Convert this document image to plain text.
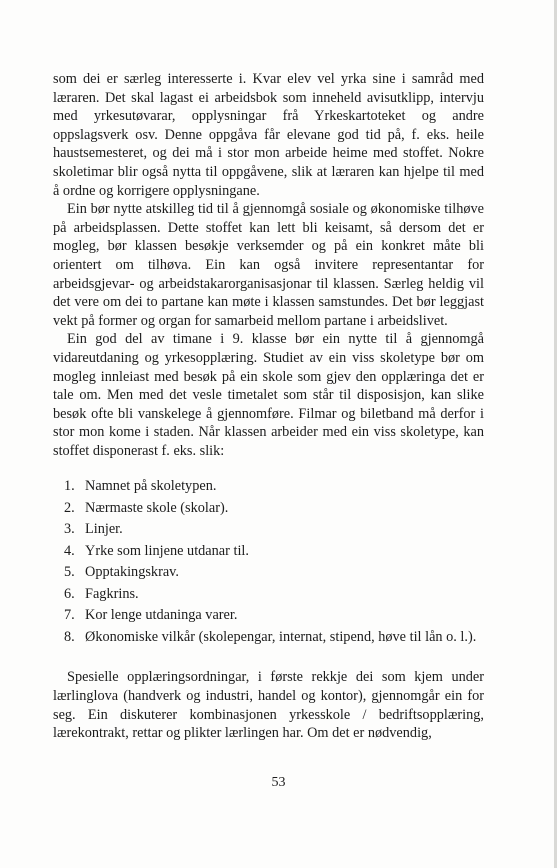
som dei er særleg interesserte i. Kvar elev vel yrka sine i samråd med læraren. Det skal lagast ei arbeidsbok som inneheld avisutklipp, intervju med yrkesutøvarar, opplysningar frå Yrkeskartoteket og andre oppslagsverk osv. Denne oppgåva får elevane god tid på, f. eks. heile haustsemesteret, og dei må i stor mon arbeide heime med stoffet. Nokre skoletimar blir også nytta til oppgåvene, slik at læraren kan hjelpe til med å ordne og korrigere opplysningane.

Ein bør nytte atskilleg tid til å gjennomgå sosiale og økonomiske tilhøve på arbeidsplassen. Dette stoffet kan lett bli keisamt, så dersom det er mogleg, bør klassen besøkje verksemder og på ein konkret måte bli orientert om tilhøva. Ein kan også invitere representantar for arbeidsgjevar- og arbeidstakarorganisasjonar til klassen. Særleg heldig vil det vere om dei to partane kan møte i klassen samstundes. Det bør leggjast vekt på former og organ for samarbeid mellom partane i arbeidslivet.

Ein god del av timane i 9. klasse bør ein nytte til å gjennomgå vidareutdaning og yrkesopplæring. Studiet av ein viss skoletype bør om mogleg innleiast med besøk på ein skole som gjev den opplæringa det er tale om. Men med det vesle timetalet som står til disposisjon, kan slike besøk ofte bli vanskelege å gjennomføre. Filmar og biletband må derfor i stor mon kome i staden. Når klassen arbeider med ein viss skoletype, kan stoffet disponerast f. eks. slik:

1. Namnet på skoletypen.
2. Nærmaste skole (skolar).
3. Linjer.
4. Yrke som linjene utdanar til.
5. Opptakingskrav.
6. Fagkrins.
7. Kor lenge utdaninga varer.
8. Økonomiske vilkår (skolepengar, internat, stipend, høve til lån o. l.).

Spesielle opplæringsordningar, i første rekkje dei som kjem under lærlinglova (handverk og industri, handel og kontor), gjennomgår ein for seg. Ein diskuterer kombinasjonen yrkesskole / bedriftsopplæring, lærekontrakt, rettar og plikter lærlingen har. Om det er nødvendig,

53
